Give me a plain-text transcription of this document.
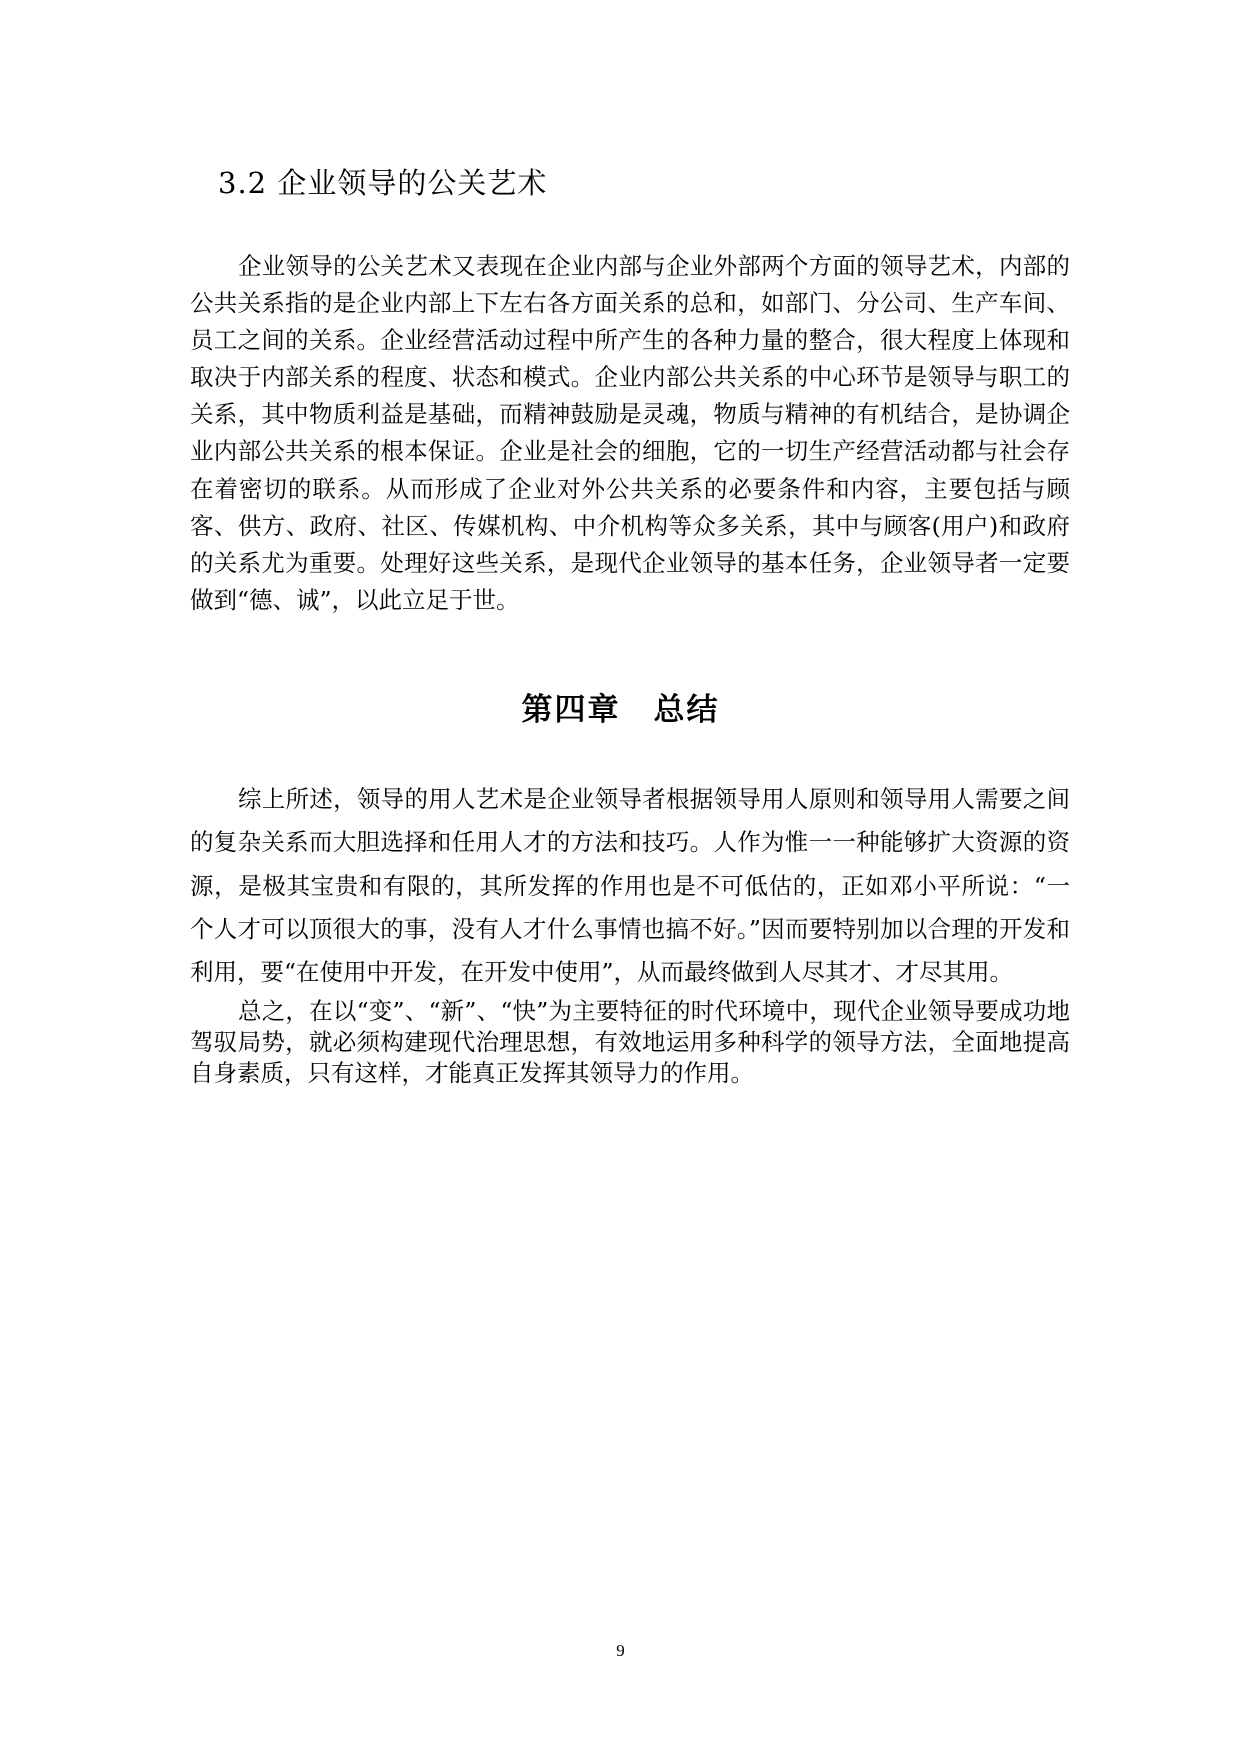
3.2 企业领导的公关艺术

企业领导的公关艺术又表现在企业内部与企业外部两个方面的领导艺术，内部的公共关系指的是企业内部上下左右各方面关系的总和，如部门、分公司、生产车间、员工之间的关系。企业经营活动过程中所产生的各种力量的整合，很大程度上体现和取决于内部关系的程度、状态和模式。企业内部公共关系的中心环节是领导与职工的关系，其中物质利益是基础，而精神鼓励是灵魂，物质与精神的有机结合，是协调企业内部公共关系的根本保证。企业是社会的细胞，它的一切生产经营活动都与社会存在着密切的联系。从而形成了企业对外公共关系的必要条件和内容，主要包括与顾客、供方、政府、社区、传媒机构、中介机构等众多关系，其中与顾客(用户)和政府的关系尤为重要。处理好这些关系，是现代企业领导的基本任务，企业领导者一定要做到“德、诚”，以此立足于世。

第四章　总结

综上所述，领导的用人艺术是企业领导者根据领导用人原则和领导用人需要之间的复杂关系而大胆选择和任用人才的方法和技巧。人作为惟一一种能够扩大资源的资源，是极其宝贵和有限的，其所发挥的作用也是不可低估的，正如邓小平所说：“一个人才可以顶很大的事，没有人才什么事情也搞不好。”因而要特别加以合理的开发和利用，要“在使用中开发，在开发中使用”，从而最终做到人尽其才、才尽其用。

总之，在以“变”、“新”、“快”为主要特征的时代环境中，现代企业领导要成功地驾驭局势，就必须构建现代治理思想，有效地运用多种科学的领导方法，全面地提高自身素质，只有这样，才能真正发挥其领导力的作用。

9
